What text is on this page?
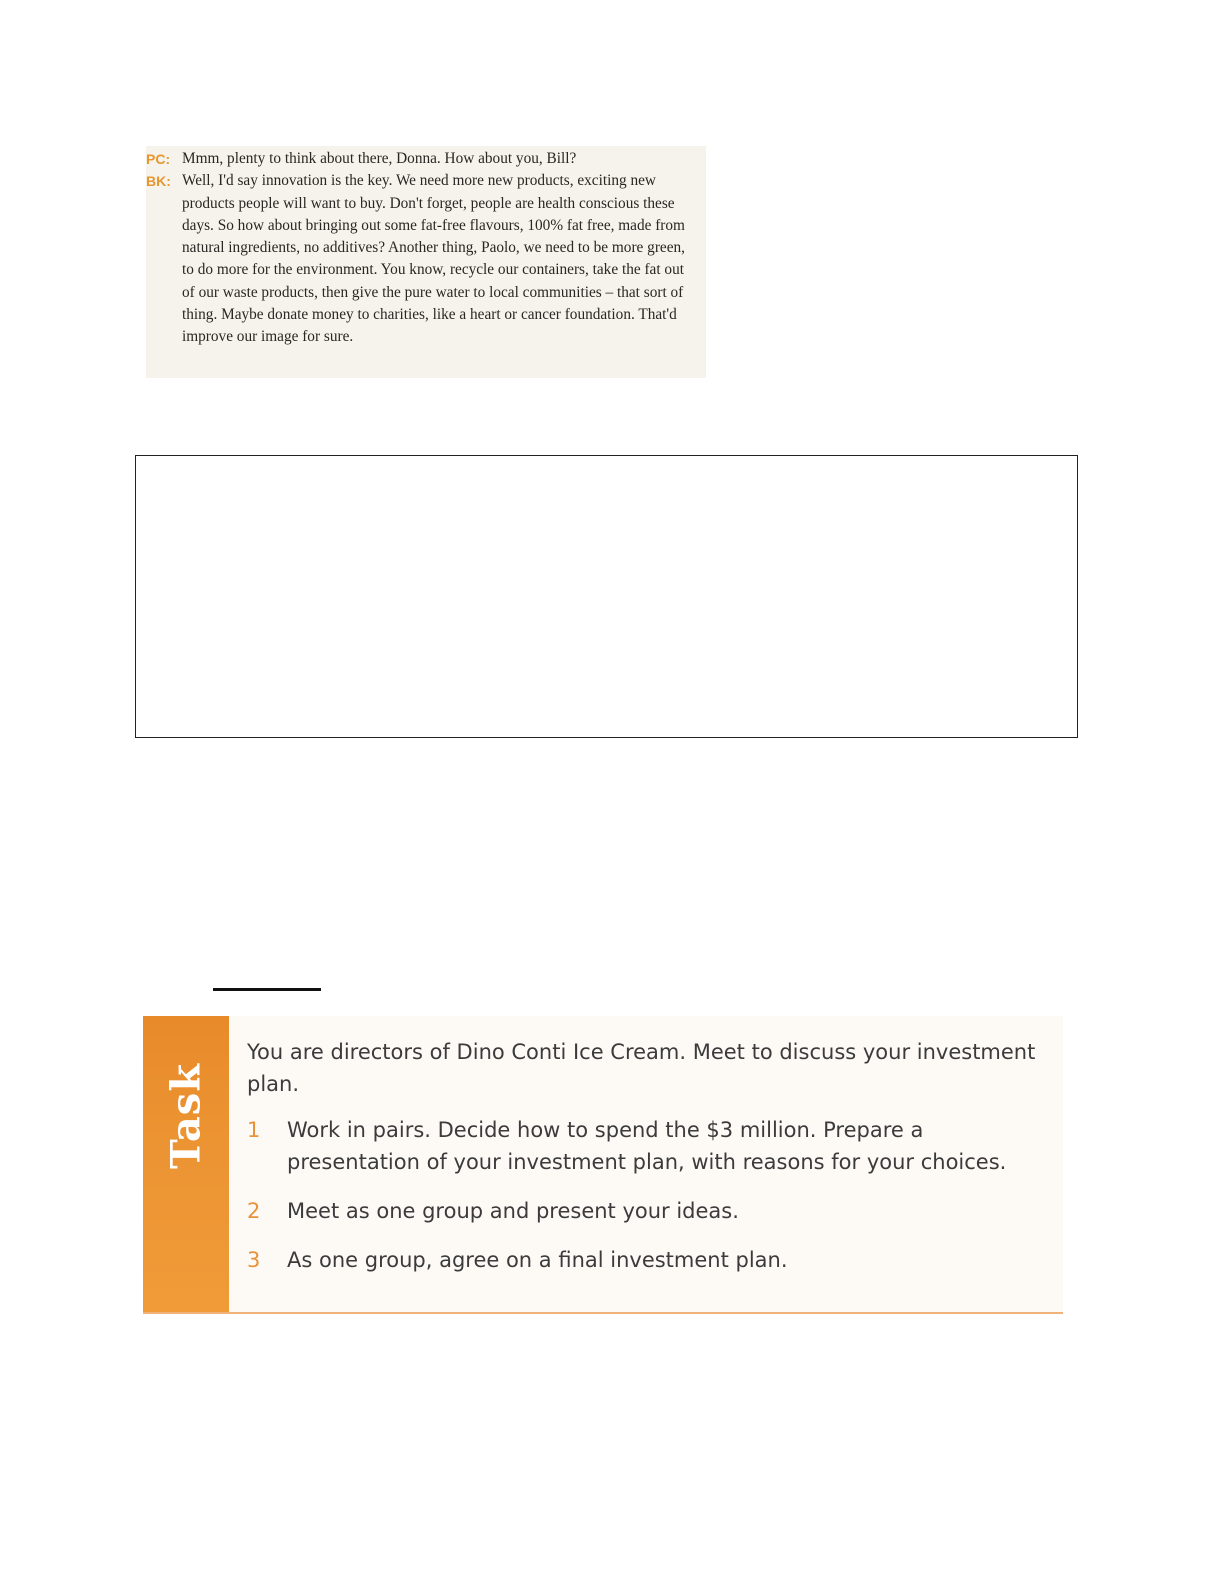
PC: Mmm, plenty to think about there, Donna. How about you, Bill?
BK: Well, I'd say innovation is the key. We need more new products, exciting new products people will want to buy. Don't forget, people are health conscious these days. So how about bringing out some fat-free flavours, 100% fat free, made from natural ingredients, no additives? Another thing, Paolo, we need to be more green, to do more for the environment. You know, recycle our containers, take the fat out of our waste products, then give the pure water to local communities – that sort of thing. Maybe donate money to charities, like a heart or cancer foundation. That'd improve our image for sure.
Task

You are directors of Dino Conti Ice Cream. Meet to discuss your investment plan.

1	Work in pairs. Decide how to spend the $3 million. Prepare a presentation of your investment plan, with reasons for your choices.
2	Meet as one group and present your ideas.
3	As one group, agree on a final investment plan.
